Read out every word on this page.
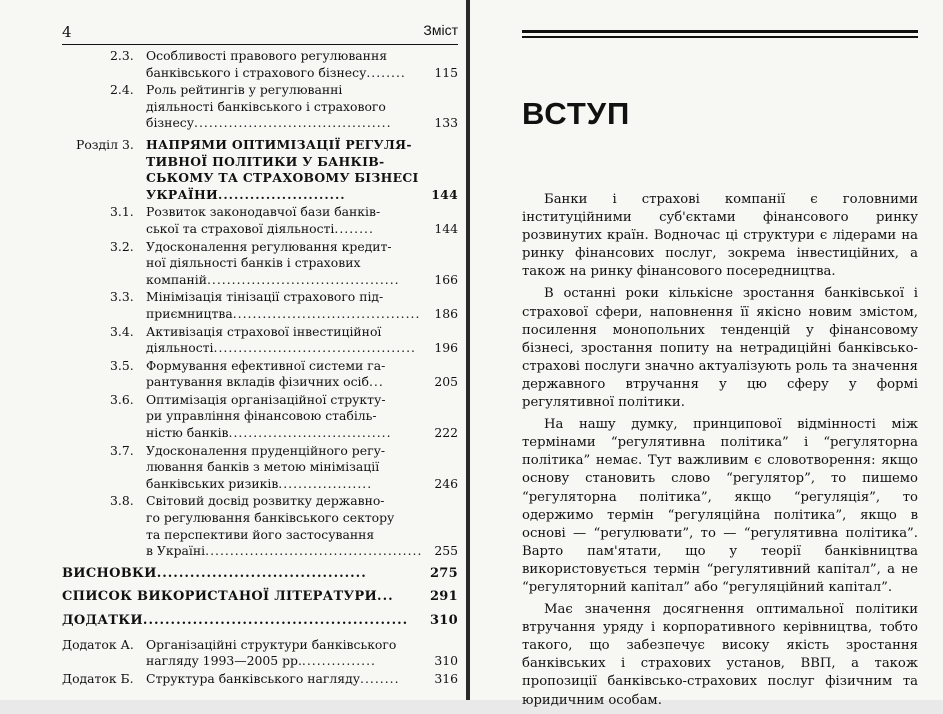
4	Зміст
2.3. Особливості правового регулювання
банківського і страхового бізнесу ........	115
2.4. Роль рейтингів у регулюванні
діяльності банківського і страхового
бізнесу ........................................	133
Розділ 3. НАПРЯМИ ОПТИМІЗАЦІЇ РЕГУЛЯ-
ТИВНОЇ ПОЛІТИКИ У БАНКІВ-
СЬКОМУ ТА СТРАХОВОМУ БІЗНЕСІ
УКРАЇНИ ........................	144
3.1. Розвиток законодавчої бази банків-
ської та страхової діяльності ........	144
3.2. Удосконалення регулювання кредит-
ної діяльності банків і страхових
компаній .......................................	166
3.3. Мінімізація тінізації страхового під-
приємництва ......................................	186
3.4. Активізація страхової інвестиційної
діяльності .........................................	196
3.5. Формування ефективної системи га-
рантування вкладів фізичних осіб ...	205
3.6. Оптимізація організаційної структу-
ри управління фінансовою стабіль-
ністю банків .................................	222
3.7. Удосконалення пруденційного регу-
лювання банків з метою мінімізації
банківських ризиків ...................	246
3.8. Світовий досвід розвитку державно-
го регулювання банківського сектору
та перспективи його застосування
в Україні ............................................ 255
ВИСНОВКИ ......................................	275
СПИСОК ВИКОРИСТАНОЇ ЛІТЕРАТУРИ ...	291
ДОДАТКИ ................................................	310
Додаток А. Організаційні структури банківського
нагляду 1993—2005 рр. ...............	310
Додаток Б. Структура банківського нагляду ........	316
ВСТУП

Банки і страхові компанії є головними інституційними суб'єктами фінансового ринку розвинутих країн. Водночас ці структури є лідерами на ринку фінансових послуг, зокрема інвестиційних, а також на ринку фінансового посередництва.

В останні роки кількісне зростання банківської і страхової сфери, наповнення її якісно новим змістом, посилення монопольних тенденцій у фінансовому бізнесі, зростання попиту на нетрадиційні банківсько-страхові послуги значно актуалізують роль та значення державного втручання у цю сферу у формі регулятивної політики.

На нашу думку, принципової відмінності між термінами “регулятивна політика” і “регуляторна політика” немає. Тут важливим є словотворення: якщо основу становить слово “регулятор”, то пишемо “регуляторна політика”, якщо “регуляція”, то одержимо термін “регуляційна політика”, якщо в основі — “регулювати”, то — “регулятивна політика”. Варто пам'ятати, що у теорії банківництва використовується термін “регулятивний капітал”, а не “регуляторний капітал” або “регуляційний капітал”.

Має значення досягнення оптимальної політики втручання уряду і корпоративного керівництва, тобто такого, що забезпечує високу якість зростання банківських і страхових установ, ВВП, а також пропозиції банківсько-страхових послуг фізичним та юридичним особам.
